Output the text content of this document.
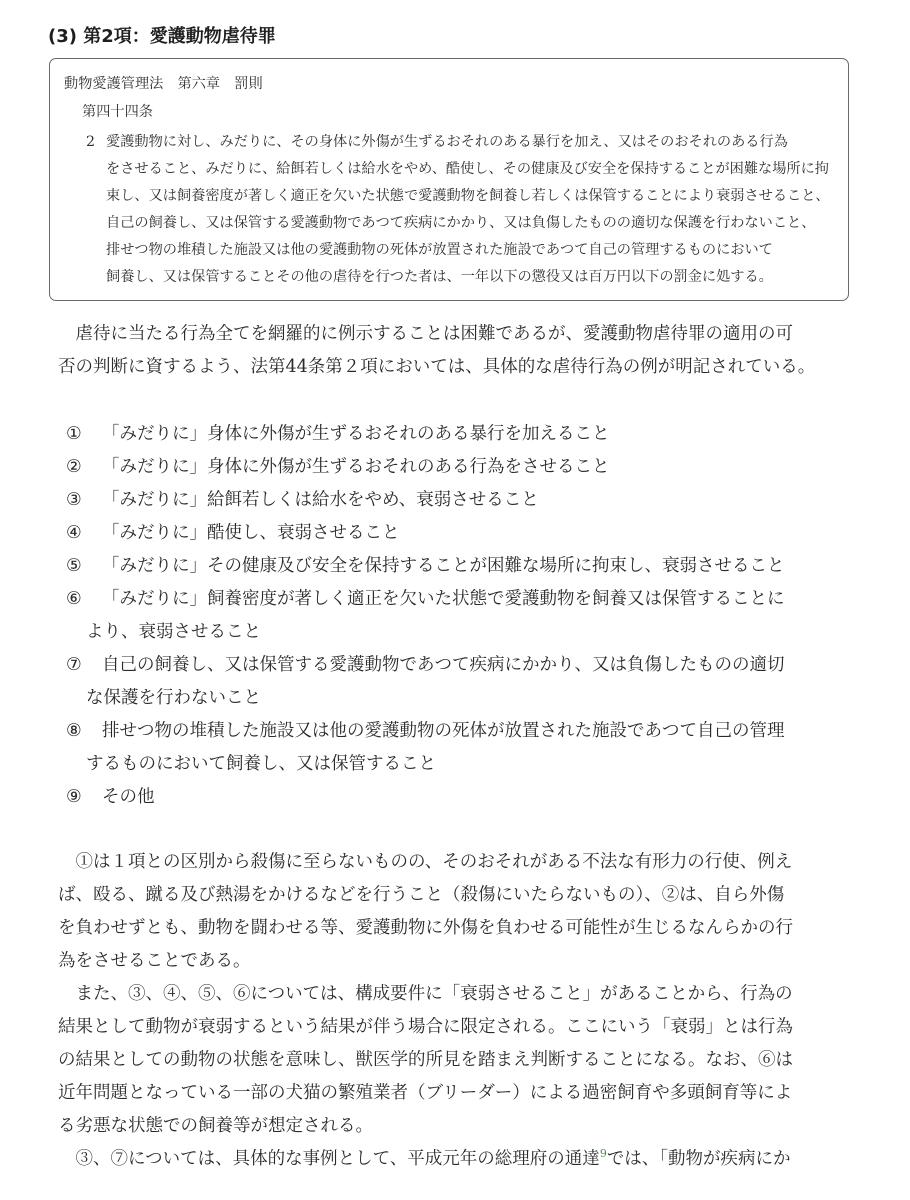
(3) 第2項：愛護動物虐待罪
動物愛護管理法　第六章　罰則
第四十四条
2 愛護動物に対し、みだりに、その身体に外傷が生ずるおそれのある暴行を加え、又はそのおそれのある行為
をさせること、みだりに、給餌若しくは給水をやめ、酷使し、その健康及び安全を保持することが困難な場所に拘
束し、又は飼養密度が著しく適正を欠いた状態で愛護動物を飼養し若しくは保管することにより衰弱させること、
自己の飼養し、又は保管する愛護動物であつて疾病にかかり、又は負傷したものの適切な保護を行わないこと、
排せつ物の堆積した施設又は他の愛護動物の死体が放置された施設であつて自己の管理するものにおいて
飼養し、又は保管することその他の虐待を行つた者は、一年以下の懲役又は百万円以下の罰金に処する。
　虐待に当たる行為全てを網羅的に例示することは困難であるが、愛護動物虐待罪の適用の可
否の判断に資するよう、法第44条第２項においては、具体的な虐待行為の例が明記されている。
① 「みだりに」身体に外傷が生ずるおそれのある暴行を加えること
② 「みだりに」身体に外傷が生ずるおそれのある行為をさせること
③ 「みだりに」給餌若しくは給水をやめ、衰弱させること
④ 「みだりに」酷使し、衰弱させること
⑤ 「みだりに」その健康及び安全を保持することが困難な場所に拘束し、衰弱させること
⑥ 「みだりに」飼養密度が著しく適正を欠いた状態で愛護動物を飼養又は保管することに
より、衰弱させること
⑦ 自己の飼養し、又は保管する愛護動物であつて疾病にかかり、又は負傷したものの適切
な保護を行わないこと
⑧ 排せつ物の堆積した施設又は他の愛護動物の死体が放置された施設であつて自己の管理
するものにおいて飼養し、又は保管すること
⑨ その他
　①は１項との区別から殺傷に至らないものの、そのおそれがある不法な有形力の行使、例え
ば、殴る、蹴る及び熱湯をかけるなどを行うこと（殺傷にいたらないもの）、②は、自ら外傷
を負わせずとも、動物を闘わせる等、愛護動物に外傷を負わせる可能性が生じるなんらかの行
為をさせることである。
　また、③、④、⑤、⑥については、構成要件に「衰弱させること」があることから、行為の
結果として動物が衰弱するという結果が伴う場合に限定される。ここにいう「衰弱」とは行為
の結果としての動物の状態を意味し、獣医学的所見を踏まえ判断することになる。なお、⑥は
近年問題となっている一部の犬猫の繁殖業者（ブリーダー）による過密飼育や多頭飼育等によ
る劣悪な状態での飼養等が想定される。
　③、⑦については、具体的な事例として、平成元年の総理府の通達$^9$では、「動物が疾病にか
